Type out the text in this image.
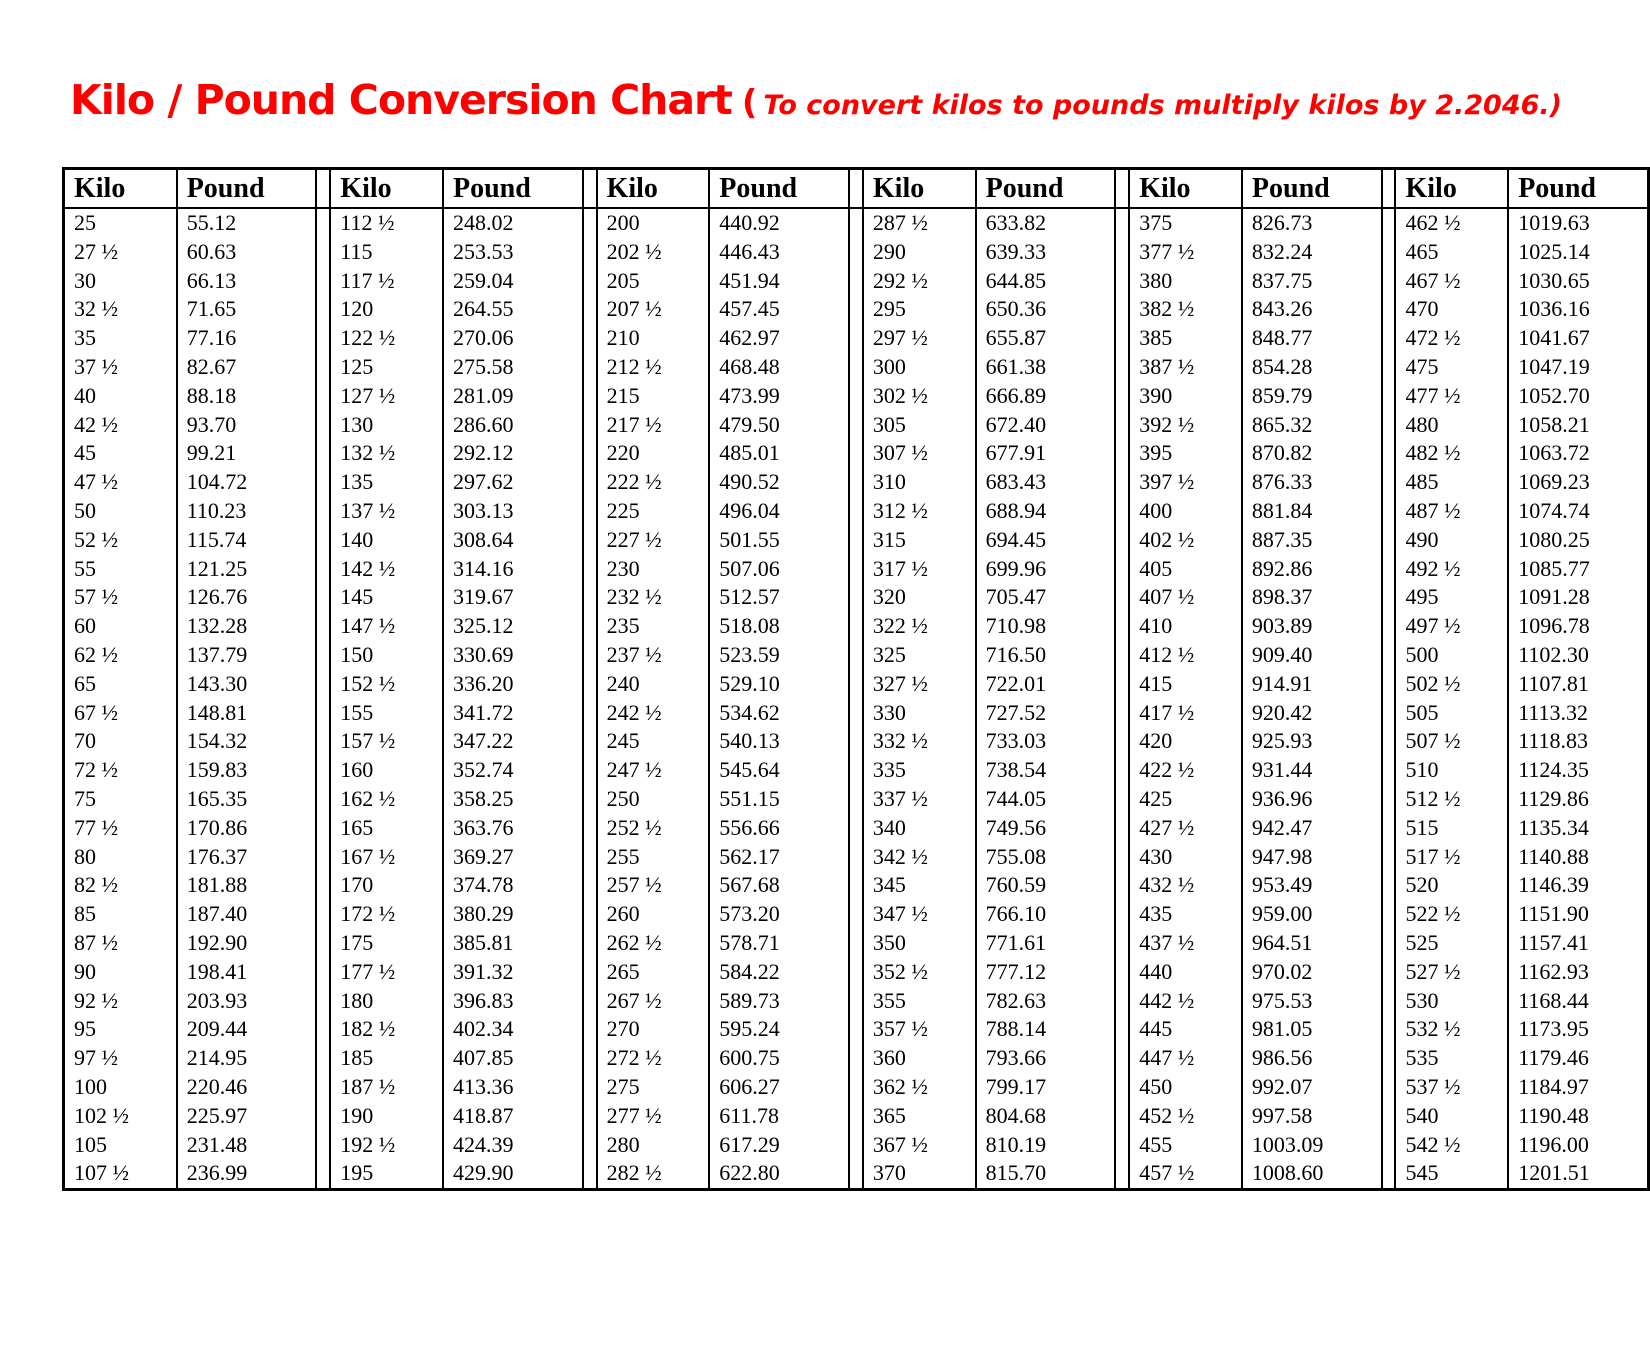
Kilo / Pound Conversion Chart ( To convert kilos to pounds multiply kilos by 2.2046.)
Kilo	Pound		Kilo	Pound		Kilo	Pound		Kilo	Pound		Kilo	Pound		Kilo	Pound
25	55.12		112 ½	248.02		200	440.92		287 ½	633.82		375	826.73		462 ½	1019.63
27 ½	60.63		115	253.53		202 ½	446.43		290	639.33		377 ½	832.24		465	1025.14
30	66.13		117 ½	259.04		205	451.94		292 ½	644.85		380	837.75		467 ½	1030.65
32 ½	71.65		120	264.55		207 ½	457.45		295	650.36		382 ½	843.26		470	1036.16
35	77.16		122 ½	270.06		210	462.97		297 ½	655.87		385	848.77		472 ½	1041.67
37 ½	82.67		125	275.58		212 ½	468.48		300	661.38		387 ½	854.28		475	1047.19
40	88.18		127 ½	281.09		215	473.99		302 ½	666.89		390	859.79		477 ½	1052.70
42 ½	93.70		130	286.60		217 ½	479.50		305	672.40		392 ½	865.32		480	1058.21
45	99.21		132 ½	292.12		220	485.01		307 ½	677.91		395	870.82		482 ½	1063.72
47 ½	104.72		135	297.62		222 ½	490.52		310	683.43		397 ½	876.33		485	1069.23
50	110.23		137 ½	303.13		225	496.04		312 ½	688.94		400	881.84		487 ½	1074.74
52 ½	115.74		140	308.64		227 ½	501.55		315	694.45		402 ½	887.35		490	1080.25
55	121.25		142 ½	314.16		230	507.06		317 ½	699.96		405	892.86		492 ½	1085.77
57 ½	126.76		145	319.67		232 ½	512.57		320	705.47		407 ½	898.37		495	1091.28
60	132.28		147 ½	325.12		235	518.08		322 ½	710.98		410	903.89		497 ½	1096.78
62 ½	137.79		150	330.69		237 ½	523.59		325	716.50		412 ½	909.40		500	1102.30
65	143.30		152 ½	336.20		240	529.10		327 ½	722.01		415	914.91		502 ½	1107.81
67 ½	148.81		155	341.72		242 ½	534.62		330	727.52		417 ½	920.42		505	1113.32
70	154.32		157 ½	347.22		245	540.13		332 ½	733.03		420	925.93		507 ½	1118.83
72 ½	159.83		160	352.74		247 ½	545.64		335	738.54		422 ½	931.44		510	1124.35
75	165.35		162 ½	358.25		250	551.15		337 ½	744.05		425	936.96		512 ½	1129.86
77 ½	170.86		165	363.76		252 ½	556.66		340	749.56		427 ½	942.47		515	1135.34
80	176.37		167 ½	369.27		255	562.17		342 ½	755.08		430	947.98		517 ½	1140.88
82 ½	181.88		170	374.78		257 ½	567.68		345	760.59		432 ½	953.49		520	1146.39
85	187.40		172 ½	380.29		260	573.20		347 ½	766.10		435	959.00		522 ½	1151.90
87 ½	192.90		175	385.81		262 ½	578.71		350	771.61		437 ½	964.51		525	1157.41
90	198.41		177 ½	391.32		265	584.22		352 ½	777.12		440	970.02		527 ½	1162.93
92 ½	203.93		180	396.83		267 ½	589.73		355	782.63		442 ½	975.53		530	1168.44
95	209.44		182 ½	402.34		270	595.24		357 ½	788.14		445	981.05		532 ½	1173.95
97 ½	214.95		185	407.85		272 ½	600.75		360	793.66		447 ½	986.56		535	1179.46
100	220.46		187 ½	413.36		275	606.27		362 ½	799.17		450	992.07		537 ½	1184.97
102 ½	225.97		190	418.87		277 ½	611.78		365	804.68		452 ½	997.58		540	1190.48
105	231.48		192 ½	424.39		280	617.29		367 ½	810.19		455	1003.09		542 ½	1196.00
107 ½	236.99		195	429.90		282 ½	622.80		370	815.70		457 ½	1008.60		545	1201.51
